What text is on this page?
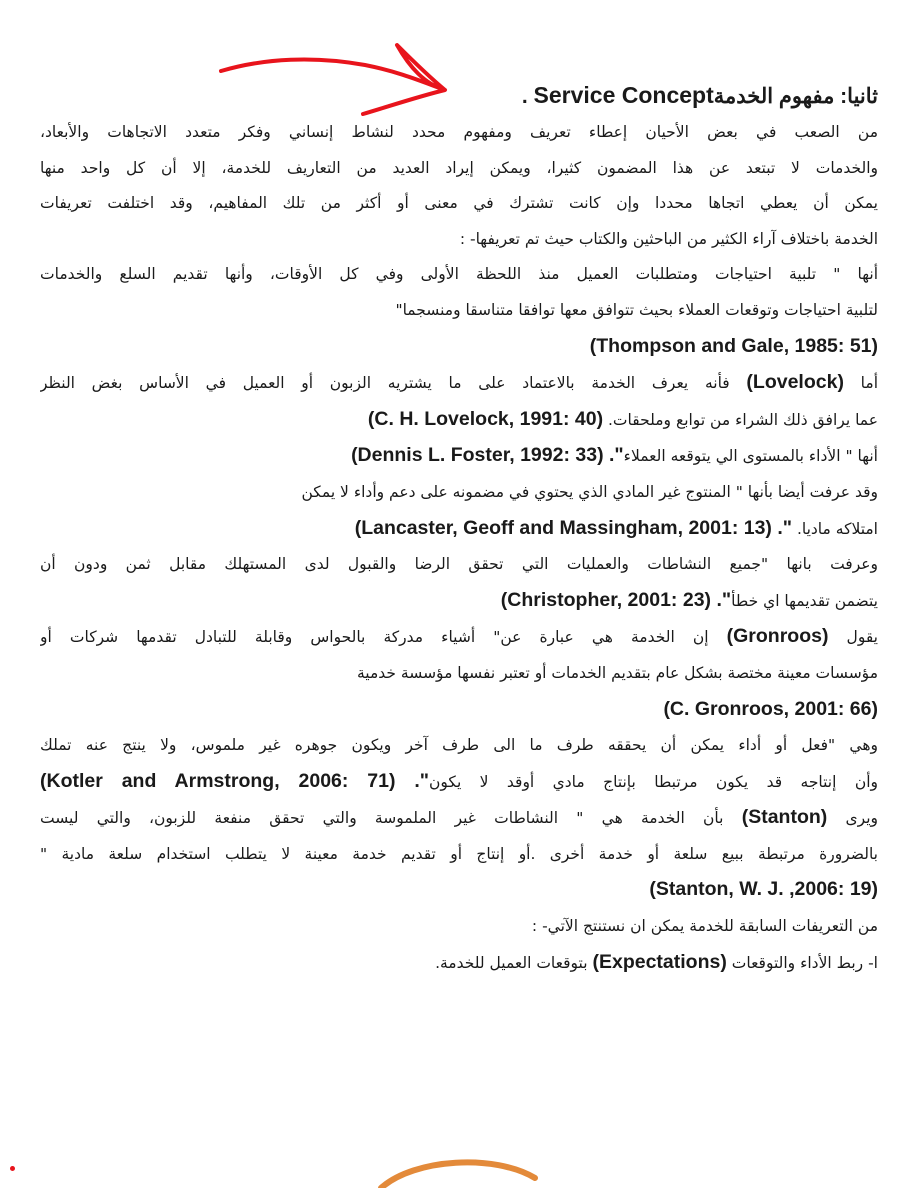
ثانيا: مفهوم الخدمةService Concept .

من الصعب في بعض الأحيان إعطاء تعريف ومفهوم محدد لنشاط إنساني وفكر متعدد الاتجاهات والأبعاد،

والخدمات لا تبتعد عن هذا المضمون كثيرا، ويمكن إيراد العديد من التعاريف للخدمة، إلا أن كل واحد منها

يمكن أن يعطي اتجاها محددا وإن كانت تشترك في معنى أو أكثر من تلك المفاهيم، وقد اختلفت تعريفات

الخدمة باختلاف آراء الكثير من الباحثين والكتاب حيث تم تعريفها- :

أنها " تلبية احتياجات ومتطلبات العميل منذ اللحظة الأولى وفي كل الأوقات، وأنها تقديم السلع والخدمات

لتلبية احتياجات وتوقعات العملاء بحيث تتوافق معها توافقا متناسقا ومنسجما"

(Thompson and Gale, 1985: 51)

أما (Lovelock) فأنه يعرف الخدمة بالاعتماد على ما يشتريه الزبون أو العميل في الأساس بغض النظر

عما يرافق ذلك الشراء من توابع وملحقات. (C. H. Lovelock, 1991: 40)

أنها " الأداء بالمستوى الي يتوقعه العملاء(Dennis L. Foster, 1992: 33) ."

وقد عرفت أيضا بأنها " المنتوج غير المادي الذي يحتوي في مضمونه على دعم وأداء لا يمكن

امتلاكه ماديا. (Lancaster, Geoff and Massingham, 2001: 13) ."

وعرفت بانها "جميع النشاطات والعمليات التي تحقق الرضا والقبول لدى المستهلك مقابل ثمن ودون أن

يتضمن تقديمها اي خطأ(Christopher, 2001: 23) ."

يقول (Gronroos) إن الخدمة هي عبارة عن" أشياء مدركة بالحواس وقابلة للتبادل تقدمها شركات أو

مؤسسات معينة مختصة بشكل عام بتقديم الخدمات أو تعتبر نفسها مؤسسة خدمية

(C. Gronroos, 2001: 66)

وهي "فعل أو أداء يمكن أن يحققه طرف ما الى طرف آخر ويكون جوهره غير ملموس، ولا ينتج عنه تملك

وأن إنتاجه قد يكون مرتبطا بإنتاج مادي أوقد لا يكون(Kotler and Armstrong, 2006: 71) ."

ويرى (Stanton) بأن الخدمة هي " النشاطات غير الملموسة والتي تحقق منفعة للزبون، والتي ليست

بالضرورة مرتبطة ببيع سلعة أو خدمة أخرى .أو إنتاج أو تقديم خدمة معينة لا يتطلب استخدام سلعة مادية "

(Stanton, W. J. ,2006: 19)

من التعريفات السابقة للخدمة يمكن ان نستنتج الآتي- :

ا- ربط الأداء والتوقعات (Expectations) بتوقعات العميل للخدمة.
